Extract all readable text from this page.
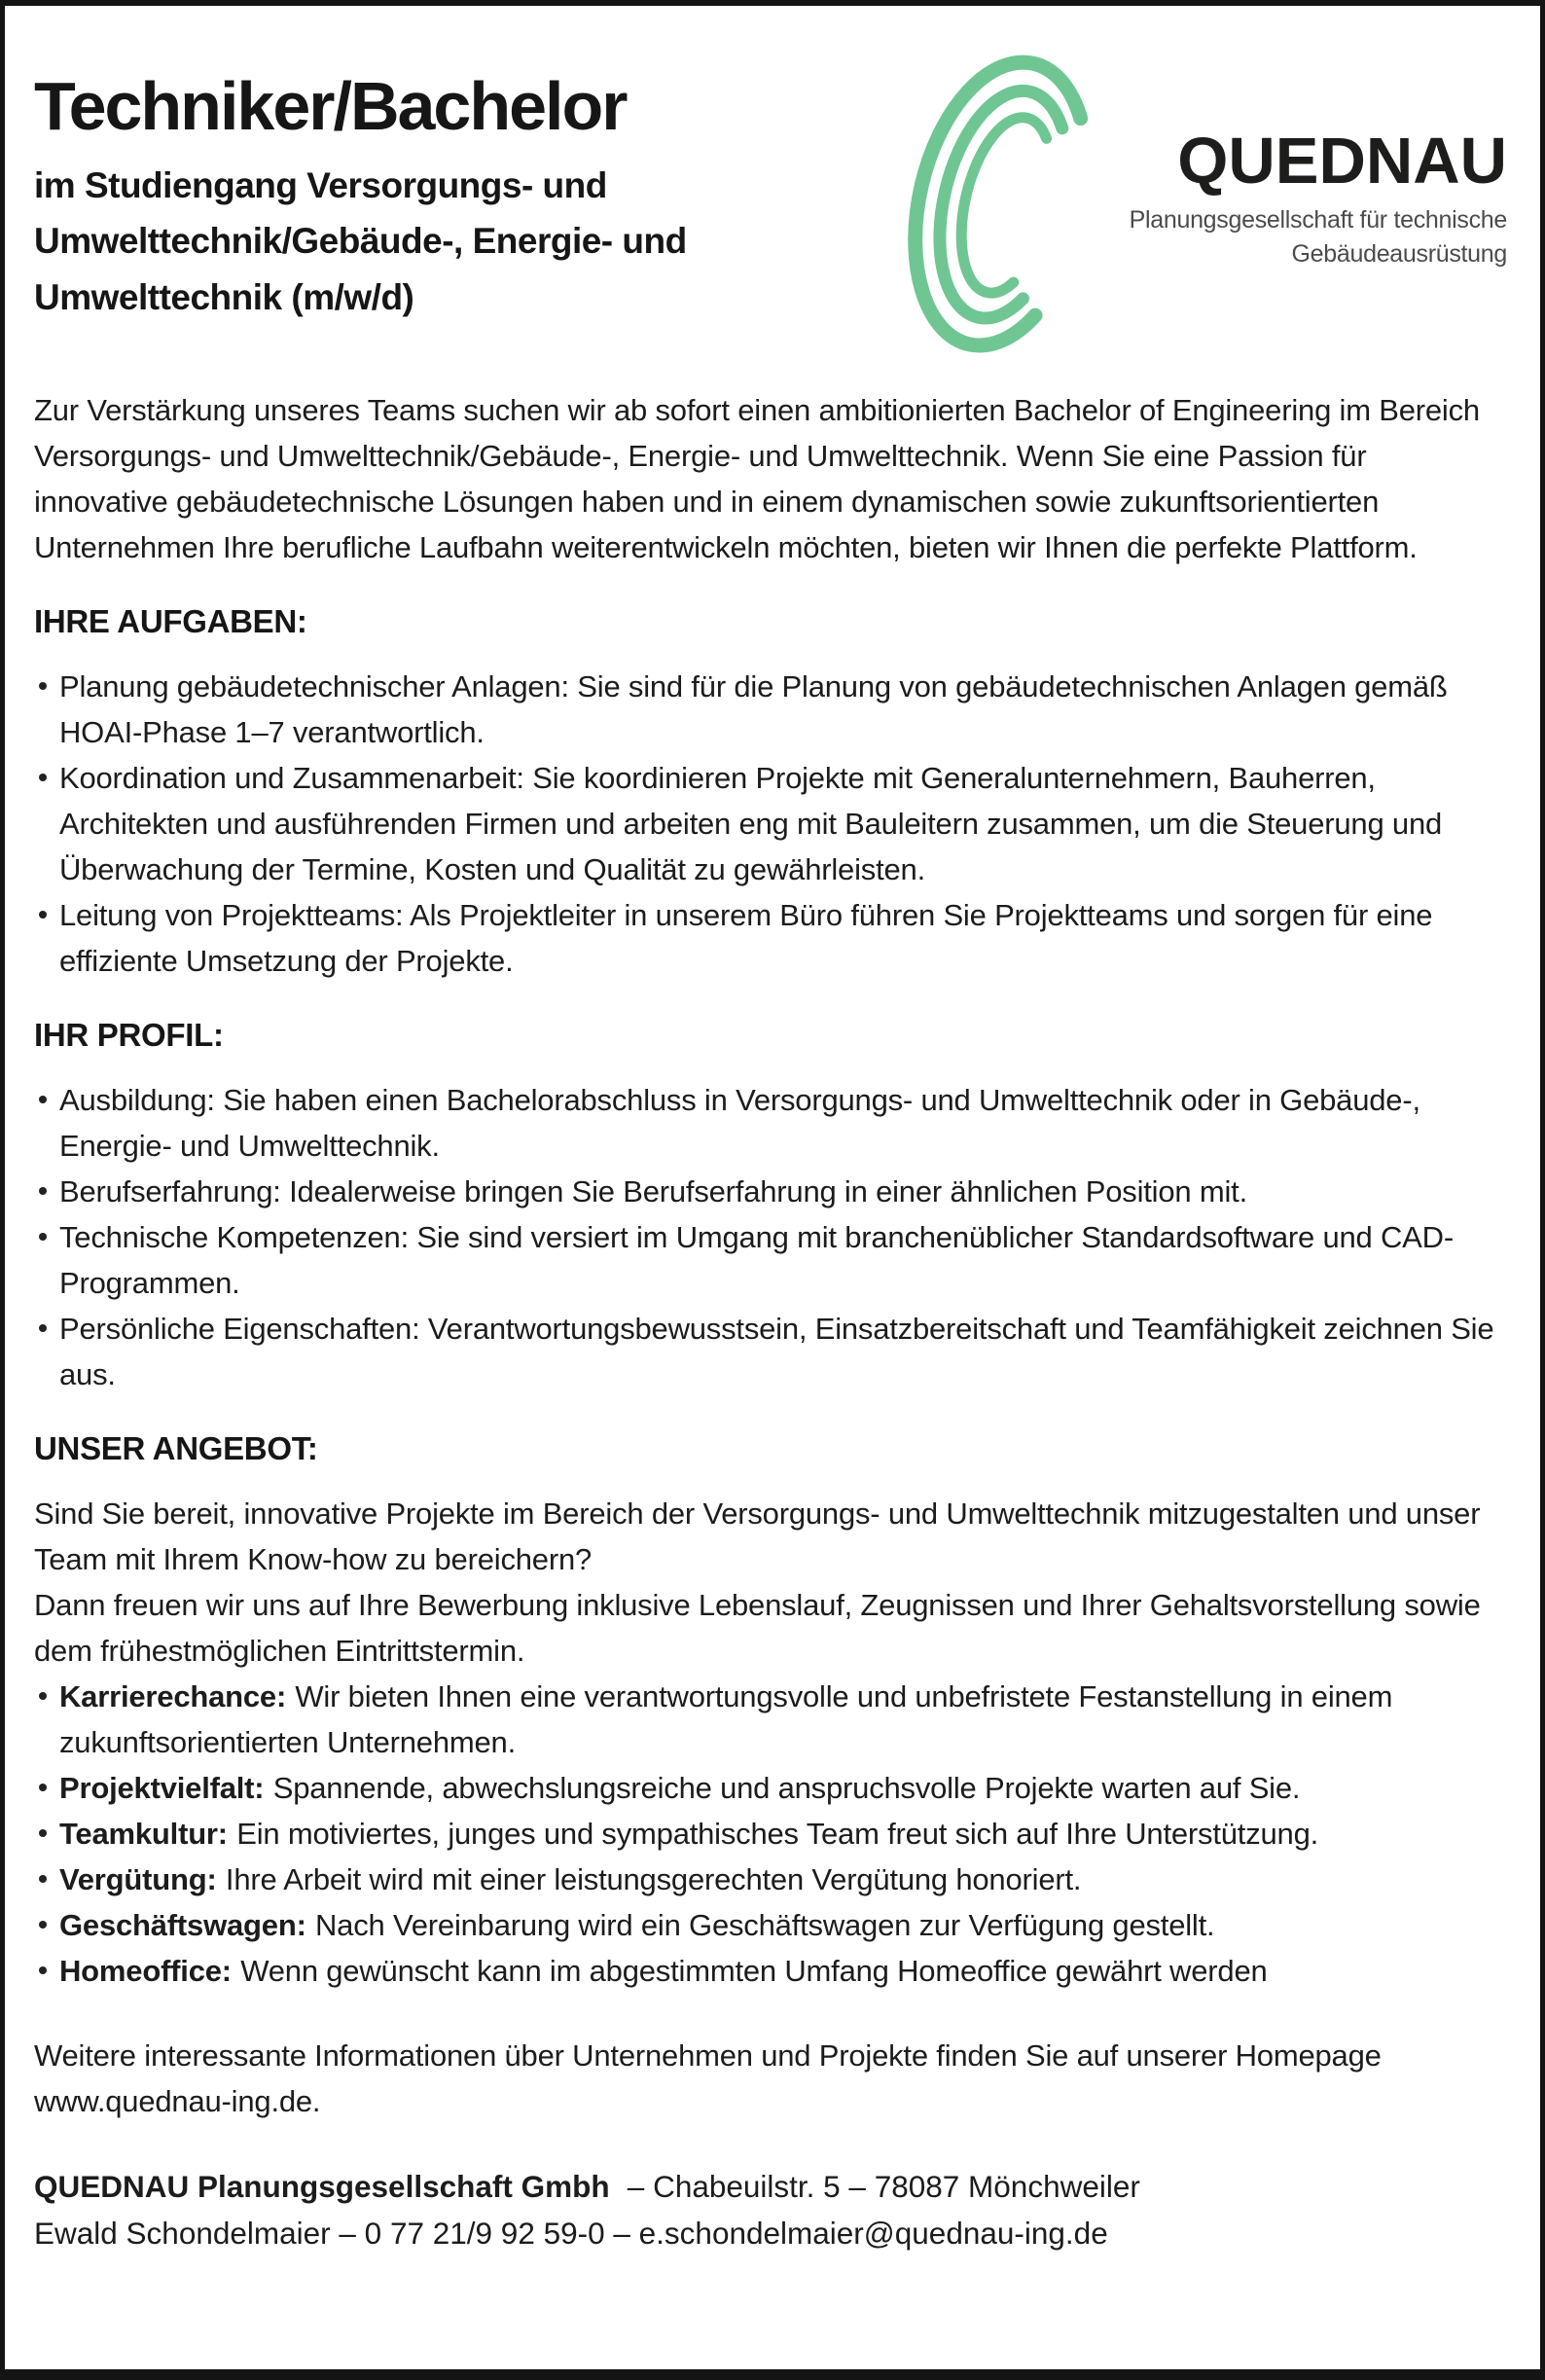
Techniker/Bachelor
im Studiengang Versorgungs- und
Umwelttechnik/Gebäude-, Energie- und
Umwelttechnik (m/w/d)
QUEDNAU
Planungsgesellschaft für technische
Gebäudeausrüstung

Zur Verstärkung unseres Teams suchen wir ab sofort einen ambitionierten Bachelor of Engineering im Bereich Versorgungs- und Umwelttechnik/Gebäude-, Energie- und Umwelttechnik. Wenn Sie eine Passion für innovative gebäudetechnische Lösungen haben und in einem dynamischen sowie zukunftsorientierten Unternehmen Ihre berufliche Laufbahn weiterentwickeln möchten, bieten wir Ihnen die perfekte Plattform.

IHRE AUFGABEN:
Planung gebäudetechnischer Anlagen: Sie sind für die Planung von gebäudetechnischen Anlagen gemäß HOAI-Phase 1–7 verantwortlich.
Koordination und Zusammenarbeit: Sie koordinieren Projekte mit Generalunternehmern, Bauherren, Architekten und ausführenden Firmen und arbeiten eng mit Bauleitern zusammen, um die Steuerung und Überwachung der Termine, Kosten und Qualität zu gewährleisten.
Leitung von Projektteams: Als Projektleiter in unserem Büro führen Sie Projektteams und sorgen für eine effiziente Umsetzung der Projekte.
IHR PROFIL:
Ausbildung: Sie haben einen Bachelorabschluss in Versorgungs- und Umwelttechnik oder in Gebäude-, Energie- und Umwelttechnik.
Berufserfahrung: Idealerweise bringen Sie Berufserfahrung in einer ähnlichen Position mit.
Technische Kompetenzen: Sie sind versiert im Umgang mit branchenüblicher Standardsoftware und CAD-Programmen.
Persönliche Eigenschaften: Verantwortungsbewusstsein, Einsatzbereitschaft und Teamfähigkeit zeichnen Sie aus.
UNSER ANGEBOT:

Sind Sie bereit, innovative Projekte im Bereich der Versorgungs- und Umwelttechnik mitzugestalten und unser Team mit Ihrem Know-how zu bereichern?

Dann freuen wir uns auf Ihre Bewerbung inklusive Lebenslauf, Zeugnissen und Ihrer Gehaltsvorstellung sowie dem frühestmöglichen Eintrittstermin.

Karrierechance: Wir bieten Ihnen eine verantwortungsvolle und unbefristete Festanstellung in einem zukunftsorientierten Unternehmen.
Projektvielfalt: Spannende, abwechslungsreiche und anspruchsvolle Projekte warten auf Sie.
Teamkultur: Ein motiviertes, junges und sympathisches Team freut sich auf Ihre Unterstützung.
Vergütung: Ihre Arbeit wird mit einer leistungsgerechten Vergütung honoriert.
Geschäftswagen: Nach Vereinbarung wird ein Geschäftswagen zur Verfügung gestellt.
Homeoffice: Wenn gewünscht kann im abgestimmten Umfang Homeoffice gewährt werden

Weitere interessante Informationen über Unternehmen und Projekte finden Sie auf unserer Homepage www.quednau-ing.de.

QUEDNAU Planungsgesellschaft Gmbh – Chabeuilstr. 5 – 78087 Mönchweiler

Ewald Schondelmaier – 0 77 21/9 92 59-0 – e.schondelmaier@quednau-ing.de
